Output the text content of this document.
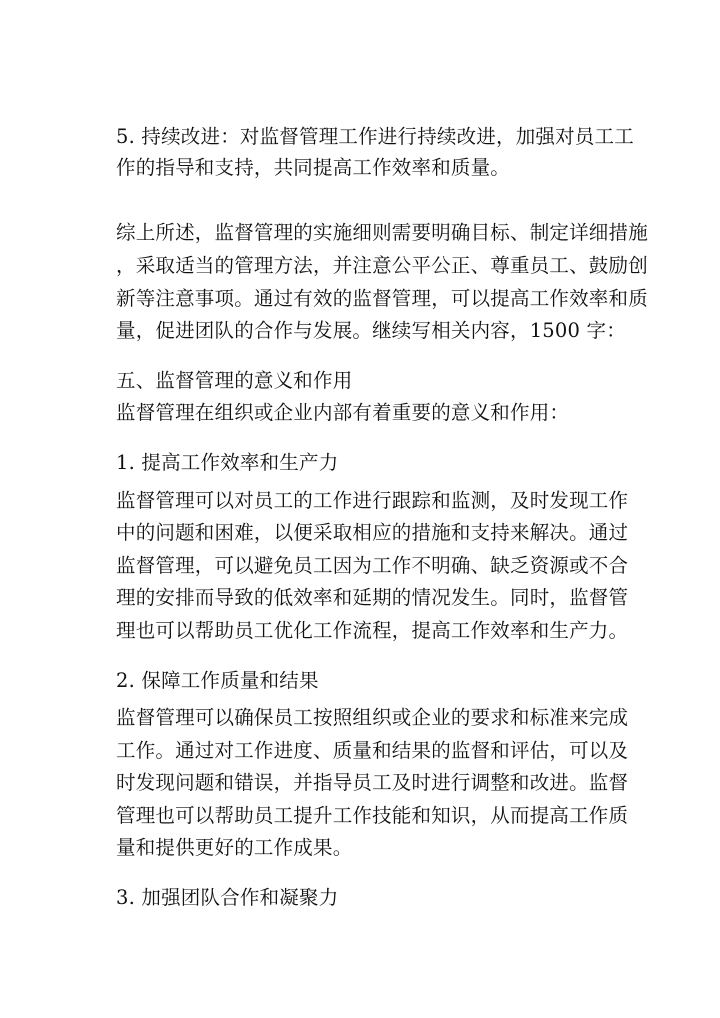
5. 持续改进：对监督管理工作进行持续改进，加强对员工工
作的指导和支持，共同提高工作效率和质量。
综上所述，监督管理的实施细则需要明确目标、制定详细措施
，采取适当的管理方法，并注意公平公正、尊重员工、鼓励创
新等注意事项。通过有效的监督管理，可以提高工作效率和质
量，促进团队的合作与发展。继续写相关内容，1500 字：
五、监督管理的意义和作用
监督管理在组织或企业内部有着重要的意义和作用：
1. 提高工作效率和生产力
监督管理可以对员工的工作进行跟踪和监测，及时发现工作
中的问题和困难，以便采取相应的措施和支持来解决。通过
监督管理，可以避免员工因为工作不明确、缺乏资源或不合
理的安排而导致的低效率和延期的情况发生。同时，监督管
理也可以帮助员工优化工作流程，提高工作效率和生产力。
2. 保障工作质量和结果
监督管理可以确保员工按照组织或企业的要求和标准来完成
工作。通过对工作进度、质量和结果的监督和评估，可以及
时发现问题和错误，并指导员工及时进行调整和改进。监督
管理也可以帮助员工提升工作技能和知识，从而提高工作质
量和提供更好的工作成果。
3. 加强团队合作和凝聚力
